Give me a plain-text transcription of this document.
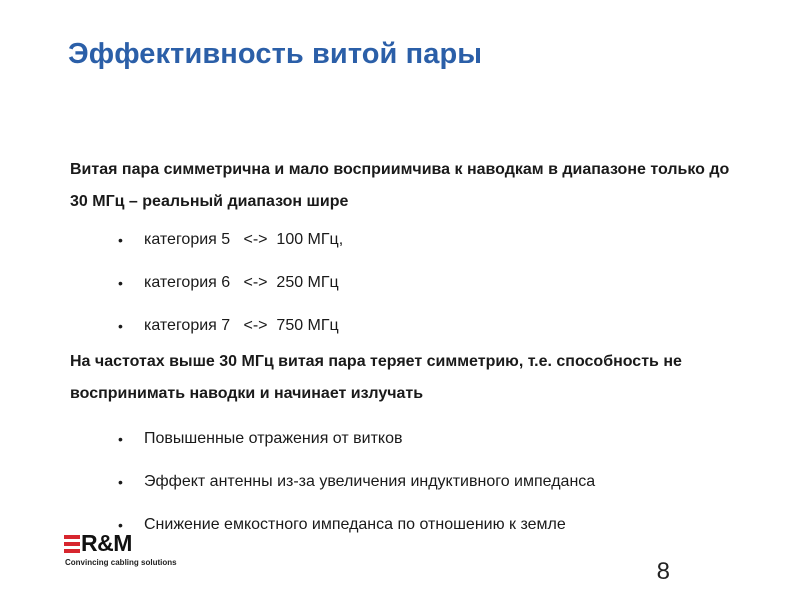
Эффективность витой пары

Витая пара симметрична и мало восприимчива к наводкам в диапазоне только до 30 МГц – реальный диапазон шире

• категория 5   <->  100 МГц,
• категория 6   <->  250 МГц
• категория 7   <->  750 МГц

На частотах выше 30 МГц витая пара теряет симметрию, т.е. способность не воспринимать наводки и начинает излучать

• Повышенные отражения от витков
• Эффект антенны из-за увеличения индуктивного импеданса
• Снижение емкостного импеданса по отношению к земле
R&M
Convincing cabling solutions	8
